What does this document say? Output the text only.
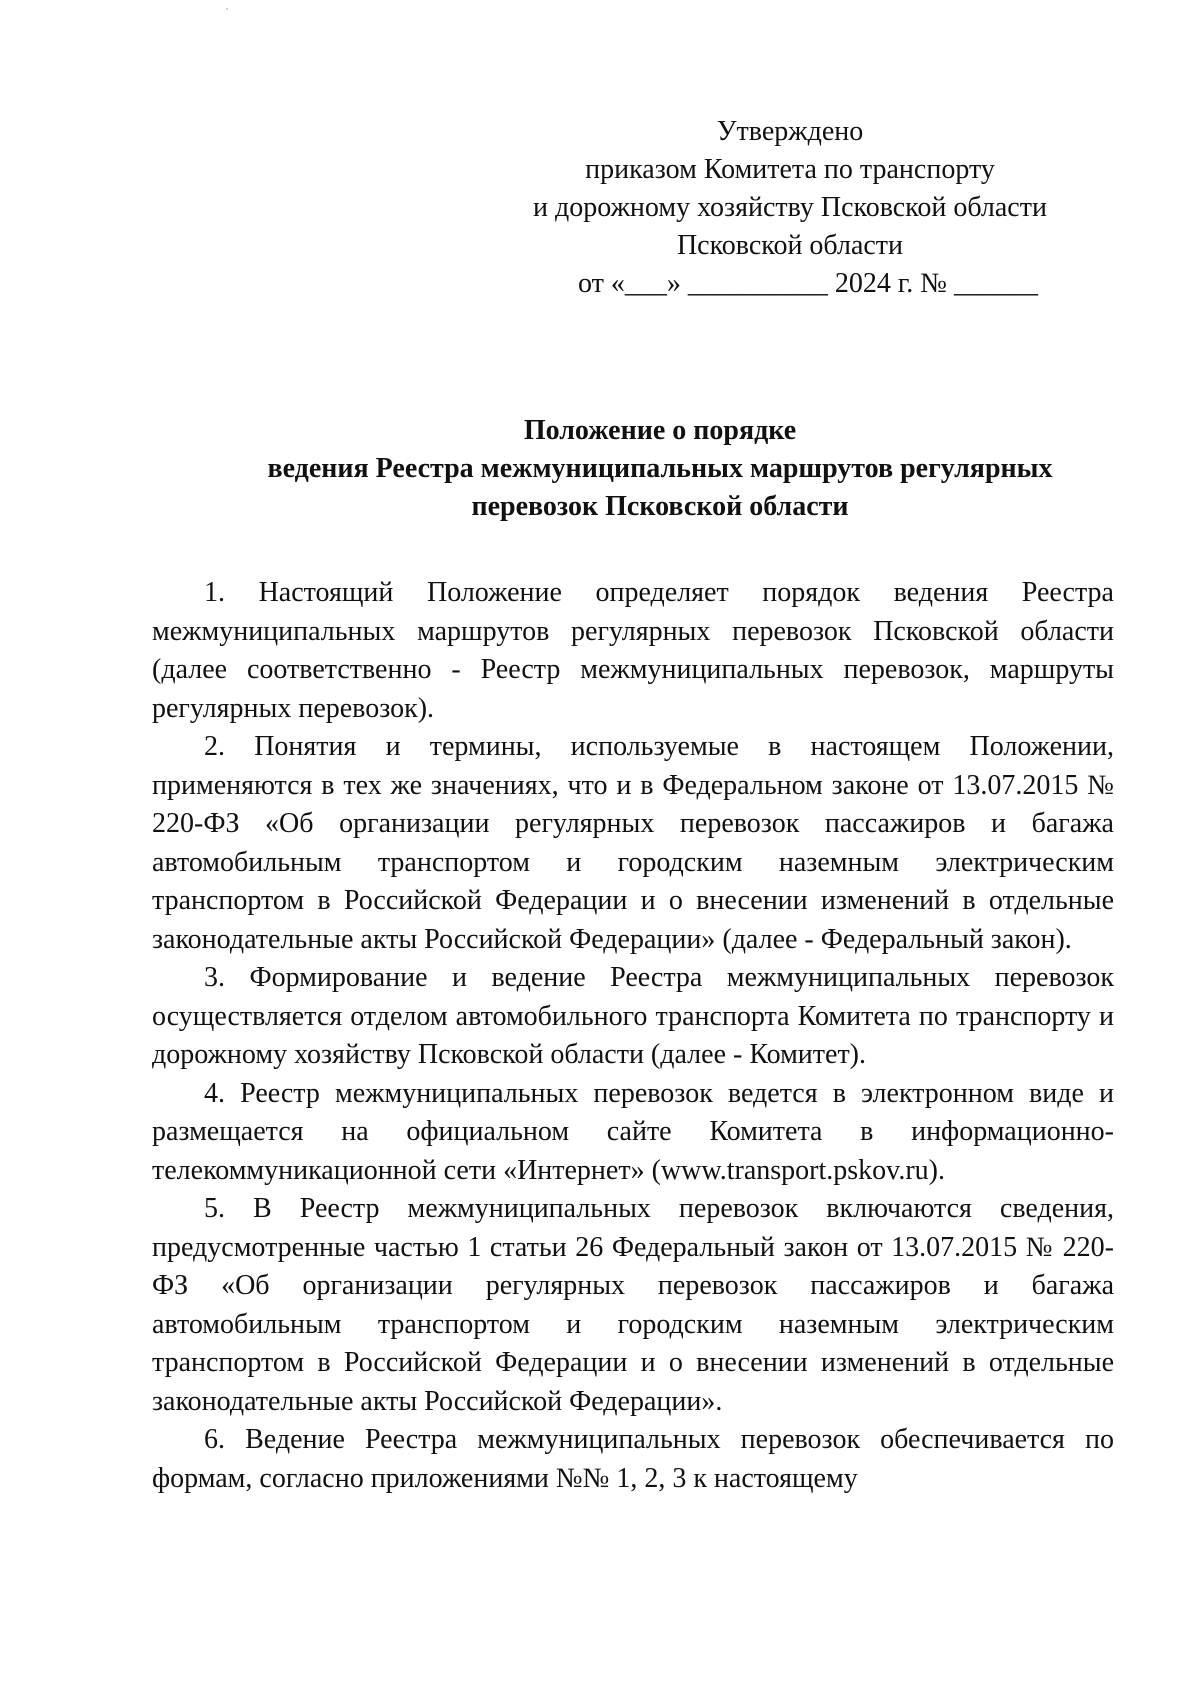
Утверждено
приказом Комитета по транспорту
и дорожному хозяйству Псковской области
Псковской области
от «___» __________ 2024 г. № ______
Положение о порядке
ведения Реестра межмуниципальных маршрутов регулярных
перевозок Псковской области

1. Настоящий Положение определяет порядок ведения Реестра межмуниципальных маршрутов регулярных перевозок Псковской области (далее соответственно - Реестр межмуниципальных перевозок, маршруты регулярных перевозок).

2. Понятия и термины, используемые в настоящем Положении, применяются в тех же значениях, что и в Федеральном законе от 13.07.2015 № 220-ФЗ «Об организации регулярных перевозок пассажиров и багажа автомобильным транспортом и городским наземным электрическим транспортом в Российской Федерации и о внесении изменений в отдельные законодательные акты Российской Федерации» (далее - Федеральный закон).

3. Формирование и ведение Реестра межмуниципальных перевозок осуществляется отделом автомобильного транспорта Комитета по транспорту и дорожному хозяйству Псковской области (далее - Комитет).

4. Реестр межмуниципальных перевозок ведется в электронном виде и размещается на официальном сайте Комитета в информационно-телекоммуникационной сети «Интернет» (www.transport.pskov.ru).

5. В Реестр межмуниципальных перевозок включаются сведения, предусмотренные частью 1 статьи 26 Федеральный закон от 13.07.2015 № 220-ФЗ «Об организации регулярных перевозок пассажиров и багажа автомобильным транспортом и городским наземным электрическим транспортом в Российской Федерации и о внесении изменений в отдельные законодательные акты Российской Федерации».

6. Ведение Реестра межмуниципальных перевозок обеспечивается по формам, согласно приложениями №№ 1, 2, 3 к настоящему
